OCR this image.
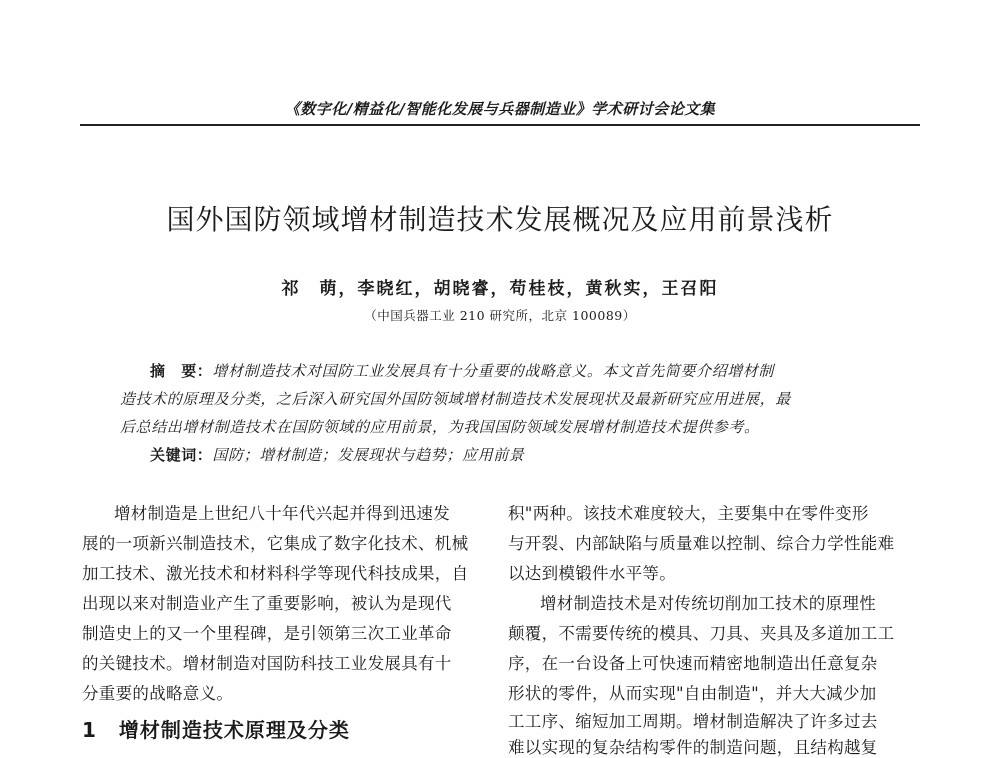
《数字化/精益化/智能化发展与兵器制造业》学术研讨会论文集
国外国防领域增材制造技术发展概况及应用前景浅析
祁　萌，李晓红，胡晓睿，苟桂枝，黄秋实，王召阳
（中国兵器工业 210 研究所，北京 100089）
摘　要：增材制造技术对国防工业发展具有十分重要的战略意义。本文首先简要介绍增材制
造技术的原理及分类，之后深入研究国外国防领域增材制造技术发展现状及最新研究应用进展，最
后总结出增材制造技术在国防领域的应用前景，为我国国防领域发展增材制造技术提供参考。
关键词：国防；增材制造；发展现状与趋势；应用前景
增材制造是上世纪八十年代兴起并得到迅速发
展的一项新兴制造技术，它集成了数字化技术、机械
加工技术、激光技术和材料科学等现代科技成果，自
出现以来对制造业产生了重要影响，被认为是现代
制造史上的又一个里程碑，是引领第三次工业革命
的关键技术。增材制造对国防科技工业发展具有十
分重要的战略意义。
1 增材制造技术原理及分类
积"两种。该技术难度较大，主要集中在零件变形
与开裂、内部缺陷与质量难以控制、综合力学性能难
以达到模锻件水平等。
增材制造技术是对传统切削加工技术的原理性
颠覆，不需要传统的模具、刀具、夹具及多道加工工
序，在一台设备上可快速而精密地制造出任意复杂
形状的零件，从而实现"自由制造"，并大大减少加
工工序、缩短加工周期。增材制造解决了许多过去
难以实现的复杂结构零件的制造问题，且结构越复
